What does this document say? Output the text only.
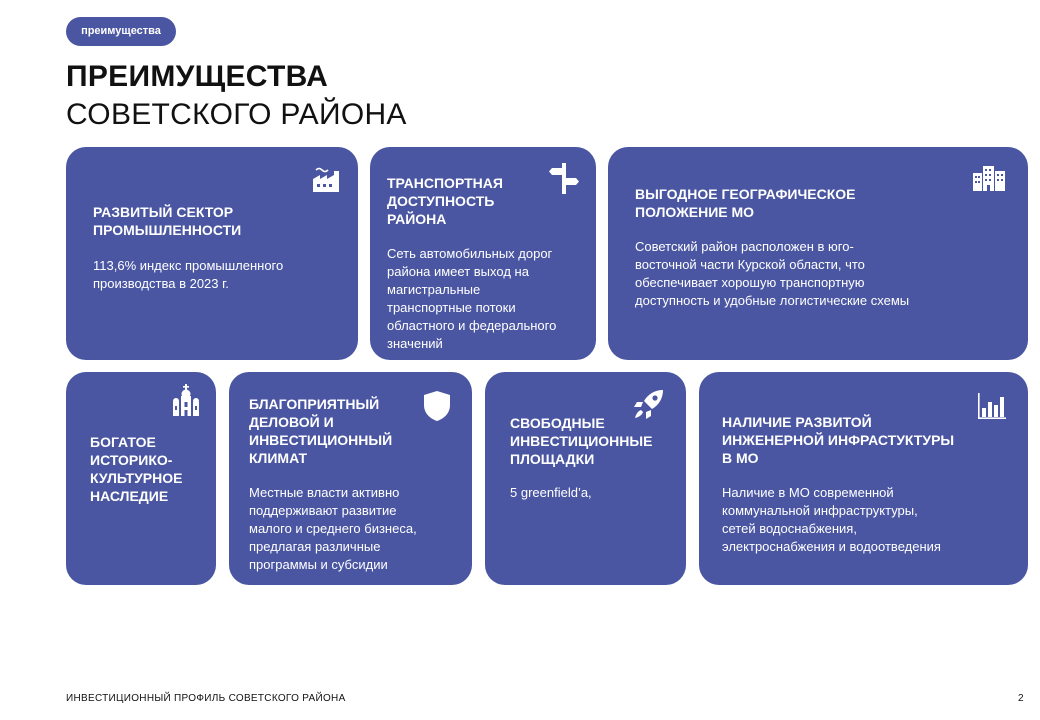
преимущества
ПРЕИМУЩЕСТВА
СОВЕТСКОГО РАЙОНА
РАЗВИТЫЙ СЕКТОР
ПРОМЫШЛЕННОСТИ
113,6% индекс промышленного
производства в 2023 г.
ТРАНСПОРТНАЯ
ДОСТУПНОСТЬ
РАЙОНА
Сеть автомобильных дорог
района имеет выход на
магистральные
транспортные потоки
областного и федерального
значений
ВЫГОДНОЕ ГЕОГРАФИЧЕСКОЕ
ПОЛОЖЕНИЕ МО
Советский район расположен в юго-
восточной части Курской области, что
обеспечивает хорошую транспортную
доступность и удобные логистические схемы
БОГАТОЕ
ИСТОРИКО-
КУЛЬТУРНОЕ
НАСЛЕДИЕ
БЛАГОПРИЯТНЫЙ
ДЕЛОВОЙ И
ИНВЕСТИЦИОННЫЙ
КЛИМАТ
Местные власти активно
поддерживают развитие
малого и среднего бизнеса,
предлагая различные
программы и субсидии
СВОБОДНЫЕ
ИНВЕСТИЦИОННЫЕ
ПЛОЩАДКИ
5 greenfield’a,
НАЛИЧИЕ РАЗВИТОЙ
ИНЖЕНЕРНОЙ ИНФРАСТУКТУРЫ
В МО
Наличие в МО современной
коммунальной инфраструктуры,
сетей водоснабжения,
электроснабжения и водоотведения
ИНВЕСТИЦИОННЫЙ ПРОФИЛЬ СОВЕТСКОГО РАЙОНА	2
